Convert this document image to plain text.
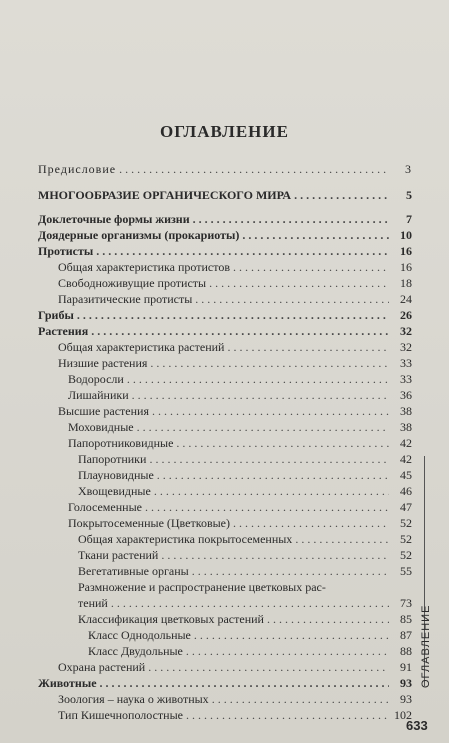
ОГЛАВЛЕНИЕ
Предисловие .....	3
МНОГООБРАЗИЕ ОРГАНИЧЕСКОГО МИРА .....	5
Доклеточные формы жизни .....	7
Доядерные организмы (прокариоты) .....	10
Протисты .....	16
Общая характеристика протистов .....	16
Свободноживущие протисты .....	18
Паразитические протисты .....	24
Грибы .....	26
Растения .....	32
Общая характеристика растений .....	32
Низшие растения .....	33
Водоросли .....	33
Лишайники .....	36
Высшие растения .....	38
Моховидные .....	38
Папоротниковидные .....	42
Папоротники .....	42
Плауновидные .....	45
Хвощевидные .....	46
Голосеменные .....	47
Покрытосеменные (Цветковые) .....	52
Общая характеристика покрытосеменных .....	52
Ткани растений .....	52
Вегетативные органы .....	55
Размножение и распространение цветковых рас-
тений .....	73
Классификация цветковых растений .....	85
Класс Однодольные .....	87
Класс Двудольные .....	88
Охрана растений .....	91
Животные .....	93
Зоология – наука о животных .....	93
Тип Кишечнополостные .....	102
ОГЛАВЛЕНИЕ
633
